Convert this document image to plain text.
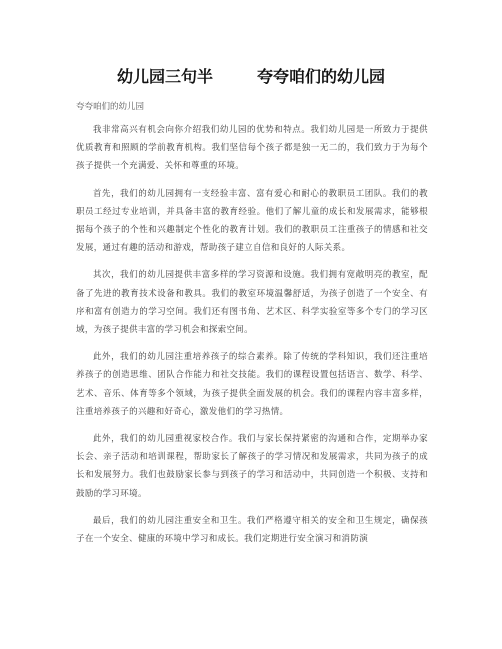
幼儿园三句半	夸夸咱们的幼儿园
夸夸咱们的幼儿园

我非常高兴有机会向你介绍我们幼儿园的优势和特点。我们幼儿园是一所致力于提供优质教育和照顾的学前教育机构。我们坚信每个孩子都是独一无二的，我们致力于为每个孩子提供一个充满爱、关怀和尊重的环境。

首先，我们的幼儿园拥有一支经验丰富、富有爱心和耐心的教职员工团队。我们的教职员工经过专业培训，并具备丰富的教育经验。他们了解儿童的成长和发展需求，能够根据每个孩子的个性和兴趣制定个性化的教育计划。我们的教职员工注重孩子的情感和社交发展，通过有趣的活动和游戏，帮助孩子建立自信和良好的人际关系。

其次，我们的幼儿园提供丰富多样的学习资源和设施。我们拥有宽敞明亮的教室，配备了先进的教育技术设备和教具。我们的教室环境温馨舒适，为孩子创造了一个安全、有序和富有创造力的学习空间。我们还有图书角、艺术区、科学实验室等多个专门的学习区域，为孩子提供丰富的学习机会和探索空间。

此外，我们的幼儿园注重培养孩子的综合素养。除了传统的学科知识，我们还注重培养孩子的创造思维、团队合作能力和社交技能。我们的课程设置包括语言、数学、科学、艺术、音乐、体育等多个领域，为孩子提供全面发展的机会。我们的课程内容丰富多样，注重培养孩子的兴趣和好奇心，激发他们的学习热情。

此外，我们的幼儿园重视家校合作。我们与家长保持紧密的沟通和合作，定期举办家长会、亲子活动和培训课程，帮助家长了解孩子的学习情况和发展需求，共同为孩子的成长和发展努力。我们也鼓励家长参与到孩子的学习和活动中，共同创造一个积极、支持和鼓励的学习环境。

最后，我们的幼儿园注重安全和卫生。我们严格遵守相关的安全和卫生规定，确保孩子在一个安全、健康的环境中学习和成长。我们定期进行安全演习和消防演
